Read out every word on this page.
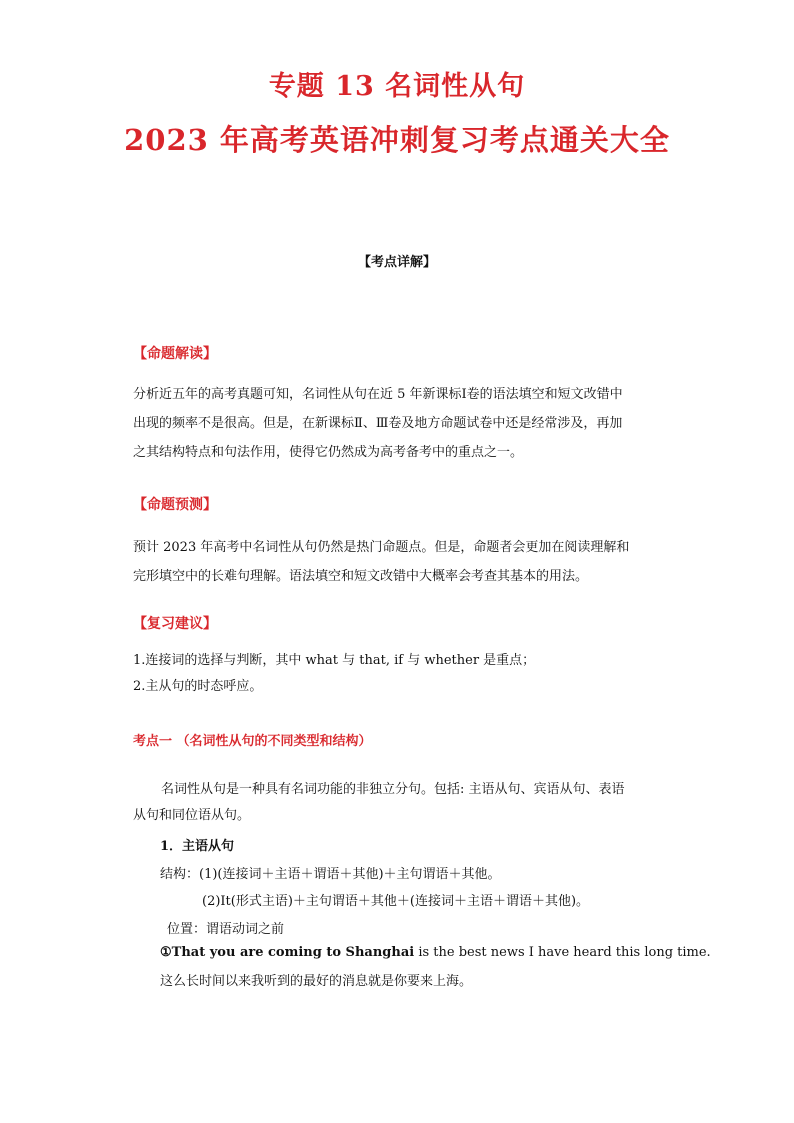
专题 13 名词性从句
2023 年高考英语冲刺复习考点通关大全
【考点详解】
【命题解读】

分析近五年的高考真题可知，名词性从句在近 5 年新课标Ⅰ卷的语法填空和短文改错中

出现的频率不是很高。但是，在新课标Ⅱ、Ⅲ卷及地方命题试卷中还是经常涉及，再加

之其结构特点和句法作用，使得它仍然成为高考备考中的重点之一。

【命题预测】

预计 2023 年高考中名词性从句仍然是热门命题点。但是，命题者会更加在阅读理解和

完形填空中的长难句理解。语法填空和短文改错中大概率会考查其基本的用法。

【复习建议】

1.连接词的选择与判断，其中 what 与 that, if 与 whether 是重点；

2.主从句的时态呼应。

考点一 （名词性从句的不同类型和结构）

名词性从句是一种具有名词功能的非独立分句。包括: 主语从句、宾语从句、表语

从句和同位语从句。

1．主语从句
结构：(1)(连接词＋主语＋谓语＋其他)＋主句谓语＋其他。
(2)It(形式主语)＋主句谓语＋其他＋(连接词＋主语＋谓语＋其他)。
位置：谓语动词之前
①That you are coming to Shanghai is the best news I have heard this long time.
这么长时间以来我听到的最好的消息就是你要来上海。
